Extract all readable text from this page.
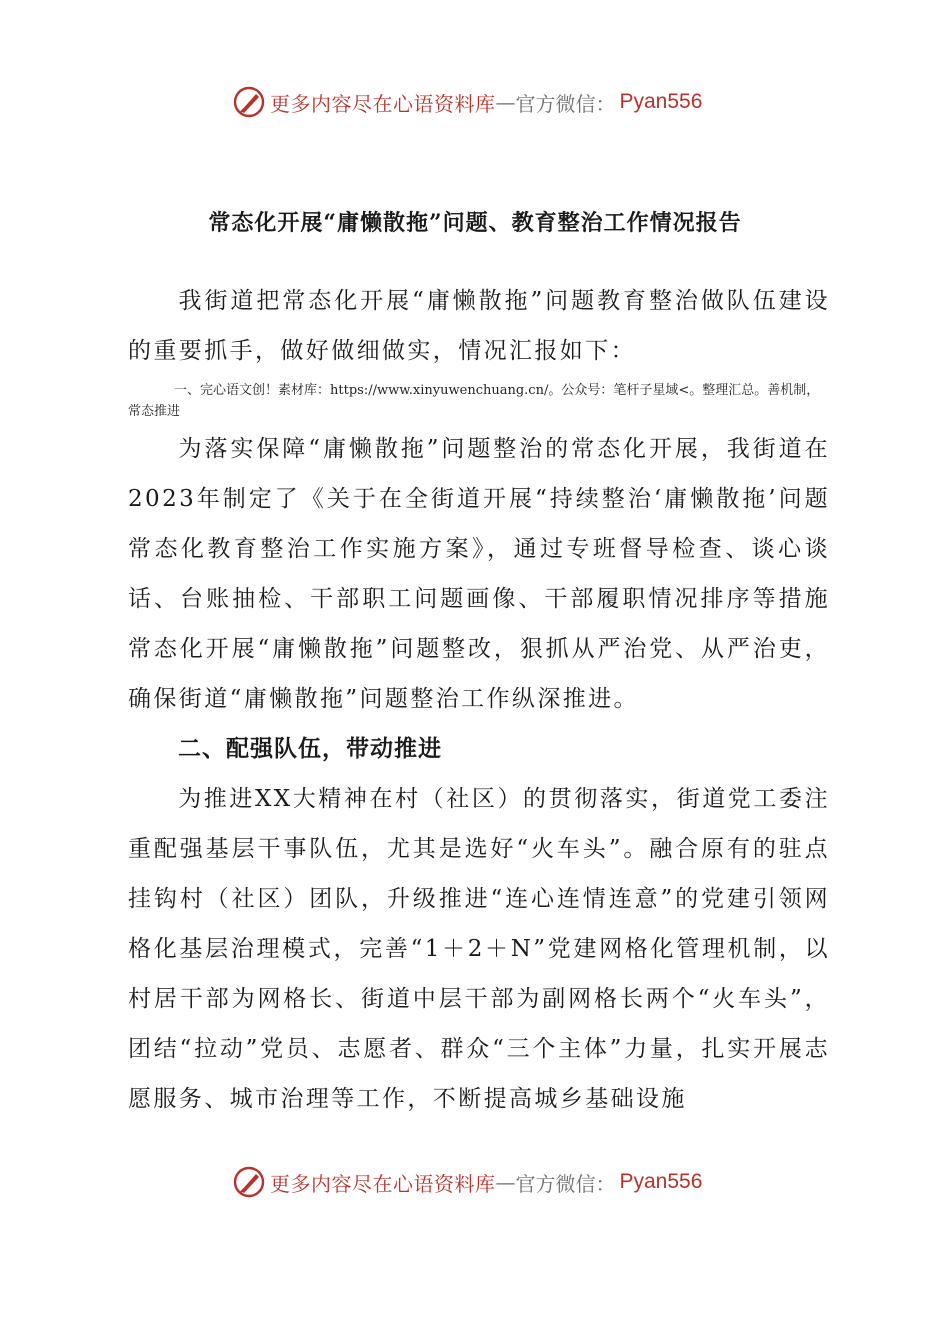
更多内容尽在心语资料库 — 官方微信： Pyan556
常态化开展“庸懒散拖”问题、教育整治工作情况报告

我街道把常态化开展“庸懒散拖”问题教育整治做队伍建设的重要抓手，做好做细做实，情况汇报如下：

一、完心语文创！素材库：https://www.xinyuwenchuang.cn/。公众号：笔杆子星域<。整理汇总。善机制，常态推进

为落实保障“庸懒散拖”问题整治的常态化开展，我街道在2023年制定了《关于在全街道开展“持续整治‘庸懒散拖’问题常态化教育整治工作实施方案》，通过专班督导检查、谈心谈话、台账抽检、干部职工问题画像、干部履职情况排序等措施常态化开展“庸懒散拖”问题整改，狠抓从严治党、从严治吏，确保街道“庸懒散拖”问题整治工作纵深推进。

二、配强队伍，带动推进

为推进XX大精神在村（社区）的贯彻落实，街道党工委注重配强基层干事队伍，尤其是选好“火车头”。融合原有的驻点挂钩村（社区）团队，升级推进“连心连情连意”的党建引领网格化基层治理模式，完善“1＋2＋N”党建网格化管理机制，以村居干部为网格长、街道中层干部为副网格长两个“火车头”，团结“拉动”党员、志愿者、群众“三个主体”力量，扎实开展志愿服务、城市治理等工作，不断提高城乡基础设施

更多内容尽在心语资料库 — 官方微信： Pyan556
